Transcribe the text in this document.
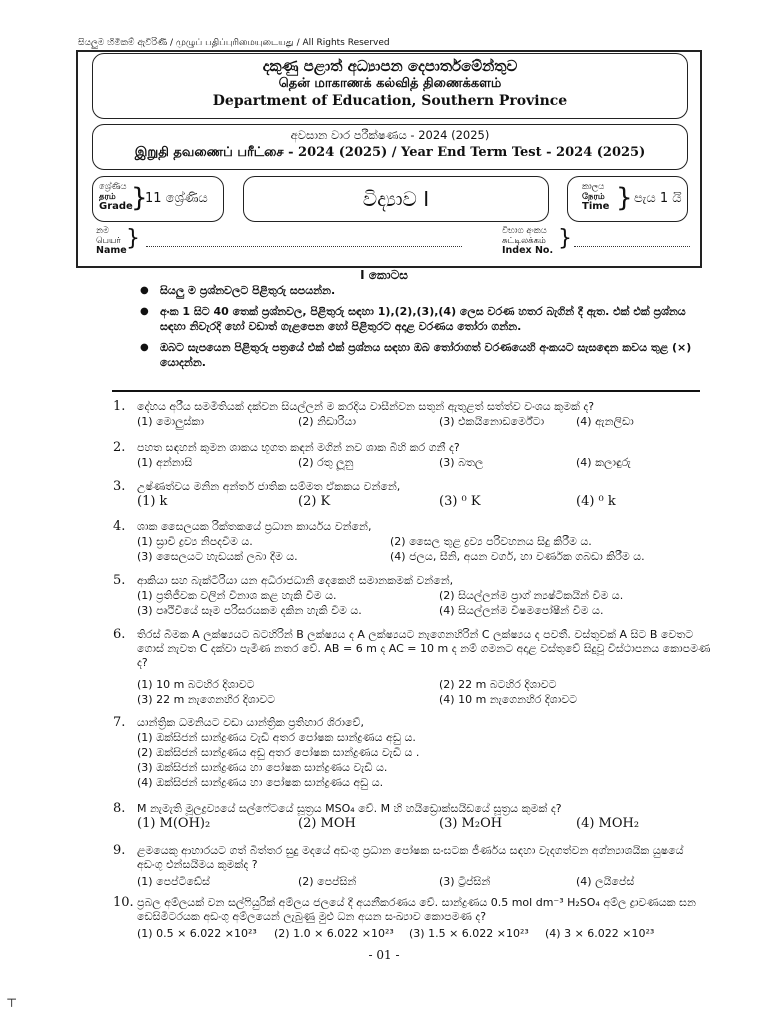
සියලුම හිමිකම් ඇවිරිණි / முழுப் பதிப்புரிமையுடையது / All Rights Reserved
දකුණු පළාත් අධ්‍යාපන දෙපාර්තමේන්තුව
தென் மாகாணக் கல்வித் திணைக்களம்
Department of Education, Southern Province
අවසාන වාර පරීක්ෂණය - 2024 (2025)
இறுதி தவணைப் பரீட்சை - 2024 (2025) / Year End Term Test - 2024 (2025)
ශ්‍රේණිය
தரம்
Grade
}
11 ශ්‍රේණිය	විද්‍යාව I	කාලය
நேரம்
Time } පැය 1 යි
නම
பெயர்
Name }	විභාග අංකය
சுட்டிலக்கம்
Index No. }
I කොටස
● සියලු ම ප්‍රශ්නවලට පිළිතුරු සපයන්න.
● අංක 1 සිට 40 තෙක් ප්‍රශ්නවල, පිළිතුරු සඳහා 1),(2),(3),(4) ලෙස වරණ හතර බැගින් දී ඇත. එක් එක් ප්‍රශ්නය සඳහා නිවැරදි හෝ වඩාත් ගැළපෙන හෝ පිළිතුරට අදාළ වරණය තෝරා ගන්න.
● ඔබට සැපයෙන පිළිතුරු පත්‍රයේ එක් එක් ප්‍රශ්නය සඳහා ඔබ තෝරාගත් වරණයෙහි අංකයට සැසඳෙන කවය තුළ (×) යොදන්න.
1. දේහය අරීය සමමිතියක් දක්වන සියල්ලන් ම කරදිය වාසීන්වන සතුන් ඇතුළත් සත්ත්ව වංශය කුමක් ද?
(1) මොලුස්කා	(2) නිඩාරියා	(3) එකයිනොඩර්මේටා	(4) ඇනලිඩා
2. පහත සඳහන් කුමන ශාකය භූගත කඳන් මගින් නව ශාක බිහි කර ගනී ද?
(1) අන්නාසි	(2) රතු ලූනු	(3) බතල	(4) කලාඳුරු
3. උෂ්ණත්වය මනින අන්තර් ජාතික සම්මත ඒකකය වන්නේ,
(1) k	(2) K	(3) ⁰ K	(4) ⁰ k
4. ශාක සෛලයක රික්තකයේ ප්‍රධාන කාර්යය වන්නේ,
(1) ස්‍රාවී ද්‍රව්‍ය නිපදවීම ය.	(2) සෛල තුළ ද්‍රව්‍ය පරිවහනය සිදු කිරීම ය.
(3) සෛලයට හැඩයක් ලබා දීම ය.	(4) ජලය, සීනි, අයන වර්ග, හා වර්ණක ගබඩා කිරීම ය.
5. ආකියා සහ බැක්ටීරියා යන අධිරාජධානි දෙකෙහි සමානකමක් වන්නේ,
(1) ප්‍රතිජීවක වලින් විනාශ කළ හැකි වීම ය.	(2) සියල්ලන්ම ප්‍රාග් න්‍යෂ්ටිකයින් වීම ය.
(3) පෘථිවියේ සෑම පරිසරයකම දකින හැකි වීම ය.	(4) සියල්ලන්ම විෂමපෝෂීන් වීම ය.
6. තිරස් බිමක A ලක්ෂ්‍යයට බටහිරින් B ලක්ෂ්‍යය ද A ලක්ෂ්‍යයට නැගෙනහිරින් C ලක්ෂ්‍යය ද පවතී. වස්තුවක් A සිට B වෙතට ගොස් නැවත C දක්වා පැමිණ නතර වේ. AB = 6 m ද AC = 10 m ද නම් ගමනට අදාළ වස්තුවේ සිදුවූ විස්ථාපනය කොපමණ ද?
(1) 10 m බටහිර දිශාවට	(2) 22 m බටහිර දිශාවට
(3) 22 m නැගෙනහිර දිශාවට	(4) 10 m නැගෙනහිර දිශාවට
7. යාන්ත්‍රික ධමනියට වඩා යාන්ත්‍රික ප්‍රතිහාර ශිරාවේ,
(1) ඔක්සිජන් සාන්ද්‍රණය වැඩි අතර පෝෂක සාන්ද්‍රණය අඩු ය.
(2) ඔක්සිජන් සාන්ද්‍රණය අඩු අතර පෝෂක සාන්ද්‍රණය වැඩි ය .
(3) ඔක්සිජන් සාන්ද්‍රණය හා පෝෂක සාන්ද්‍රණය වැඩි ය.
(4) ඔක්සිජන් සාන්ද්‍රණය හා පෝෂක සාන්ද්‍රණය අඩු ය.
8. M නැමැති මූලද්‍රව්‍යයේ සල්ෆේටයේ සූත්‍රය MSO₄ වේ. M හි හයිඩ්‍රොක්සයිඩයේ සූත්‍රය කුමක් ද?
(1) M(OH)₂	(2) MOH	(3) M₂OH	(4) MOH₂
9. ළමයෙකු ආහාරයට ගත් බිත්තර සුදු මදයේ අඩංගු ප්‍රධාන පෝෂක සංඝටක ජීර්ණය සඳහා වැදගත්වන අග්න්‍යාශයික යුෂයේ අඩංගු එන්සයිමය කුමක්ද ?
(1) පෙප්ටිඩේස්	(2) පෙප්සින්	(3) ට්‍රිප්සින්	(4) ලයිපේස්
10. ප්‍රබල අම්ලයක් වන සල්ෆියුරික් අම්ලය ජලයේ දී අයනීකරණය වේ. සාන්ද්‍රණය 0.5 mol dm⁻³ H₂SO₄ අම්ල ද්‍රාවණයක ඝන ඩෙසිමීටරයක අඩංගු අම්ලයෙන් ලැබුණු මුළු ධන අයන සංඛ්‍යාව කොපමණ ද?
(1) 0.5 × 6.022 ×10²³ (2) 1.0 × 6.022 ×10²³ (3) 1.5 × 6.022 ×10²³ (4) 3 × 6.022 ×10²³
- 01 -
⊤
